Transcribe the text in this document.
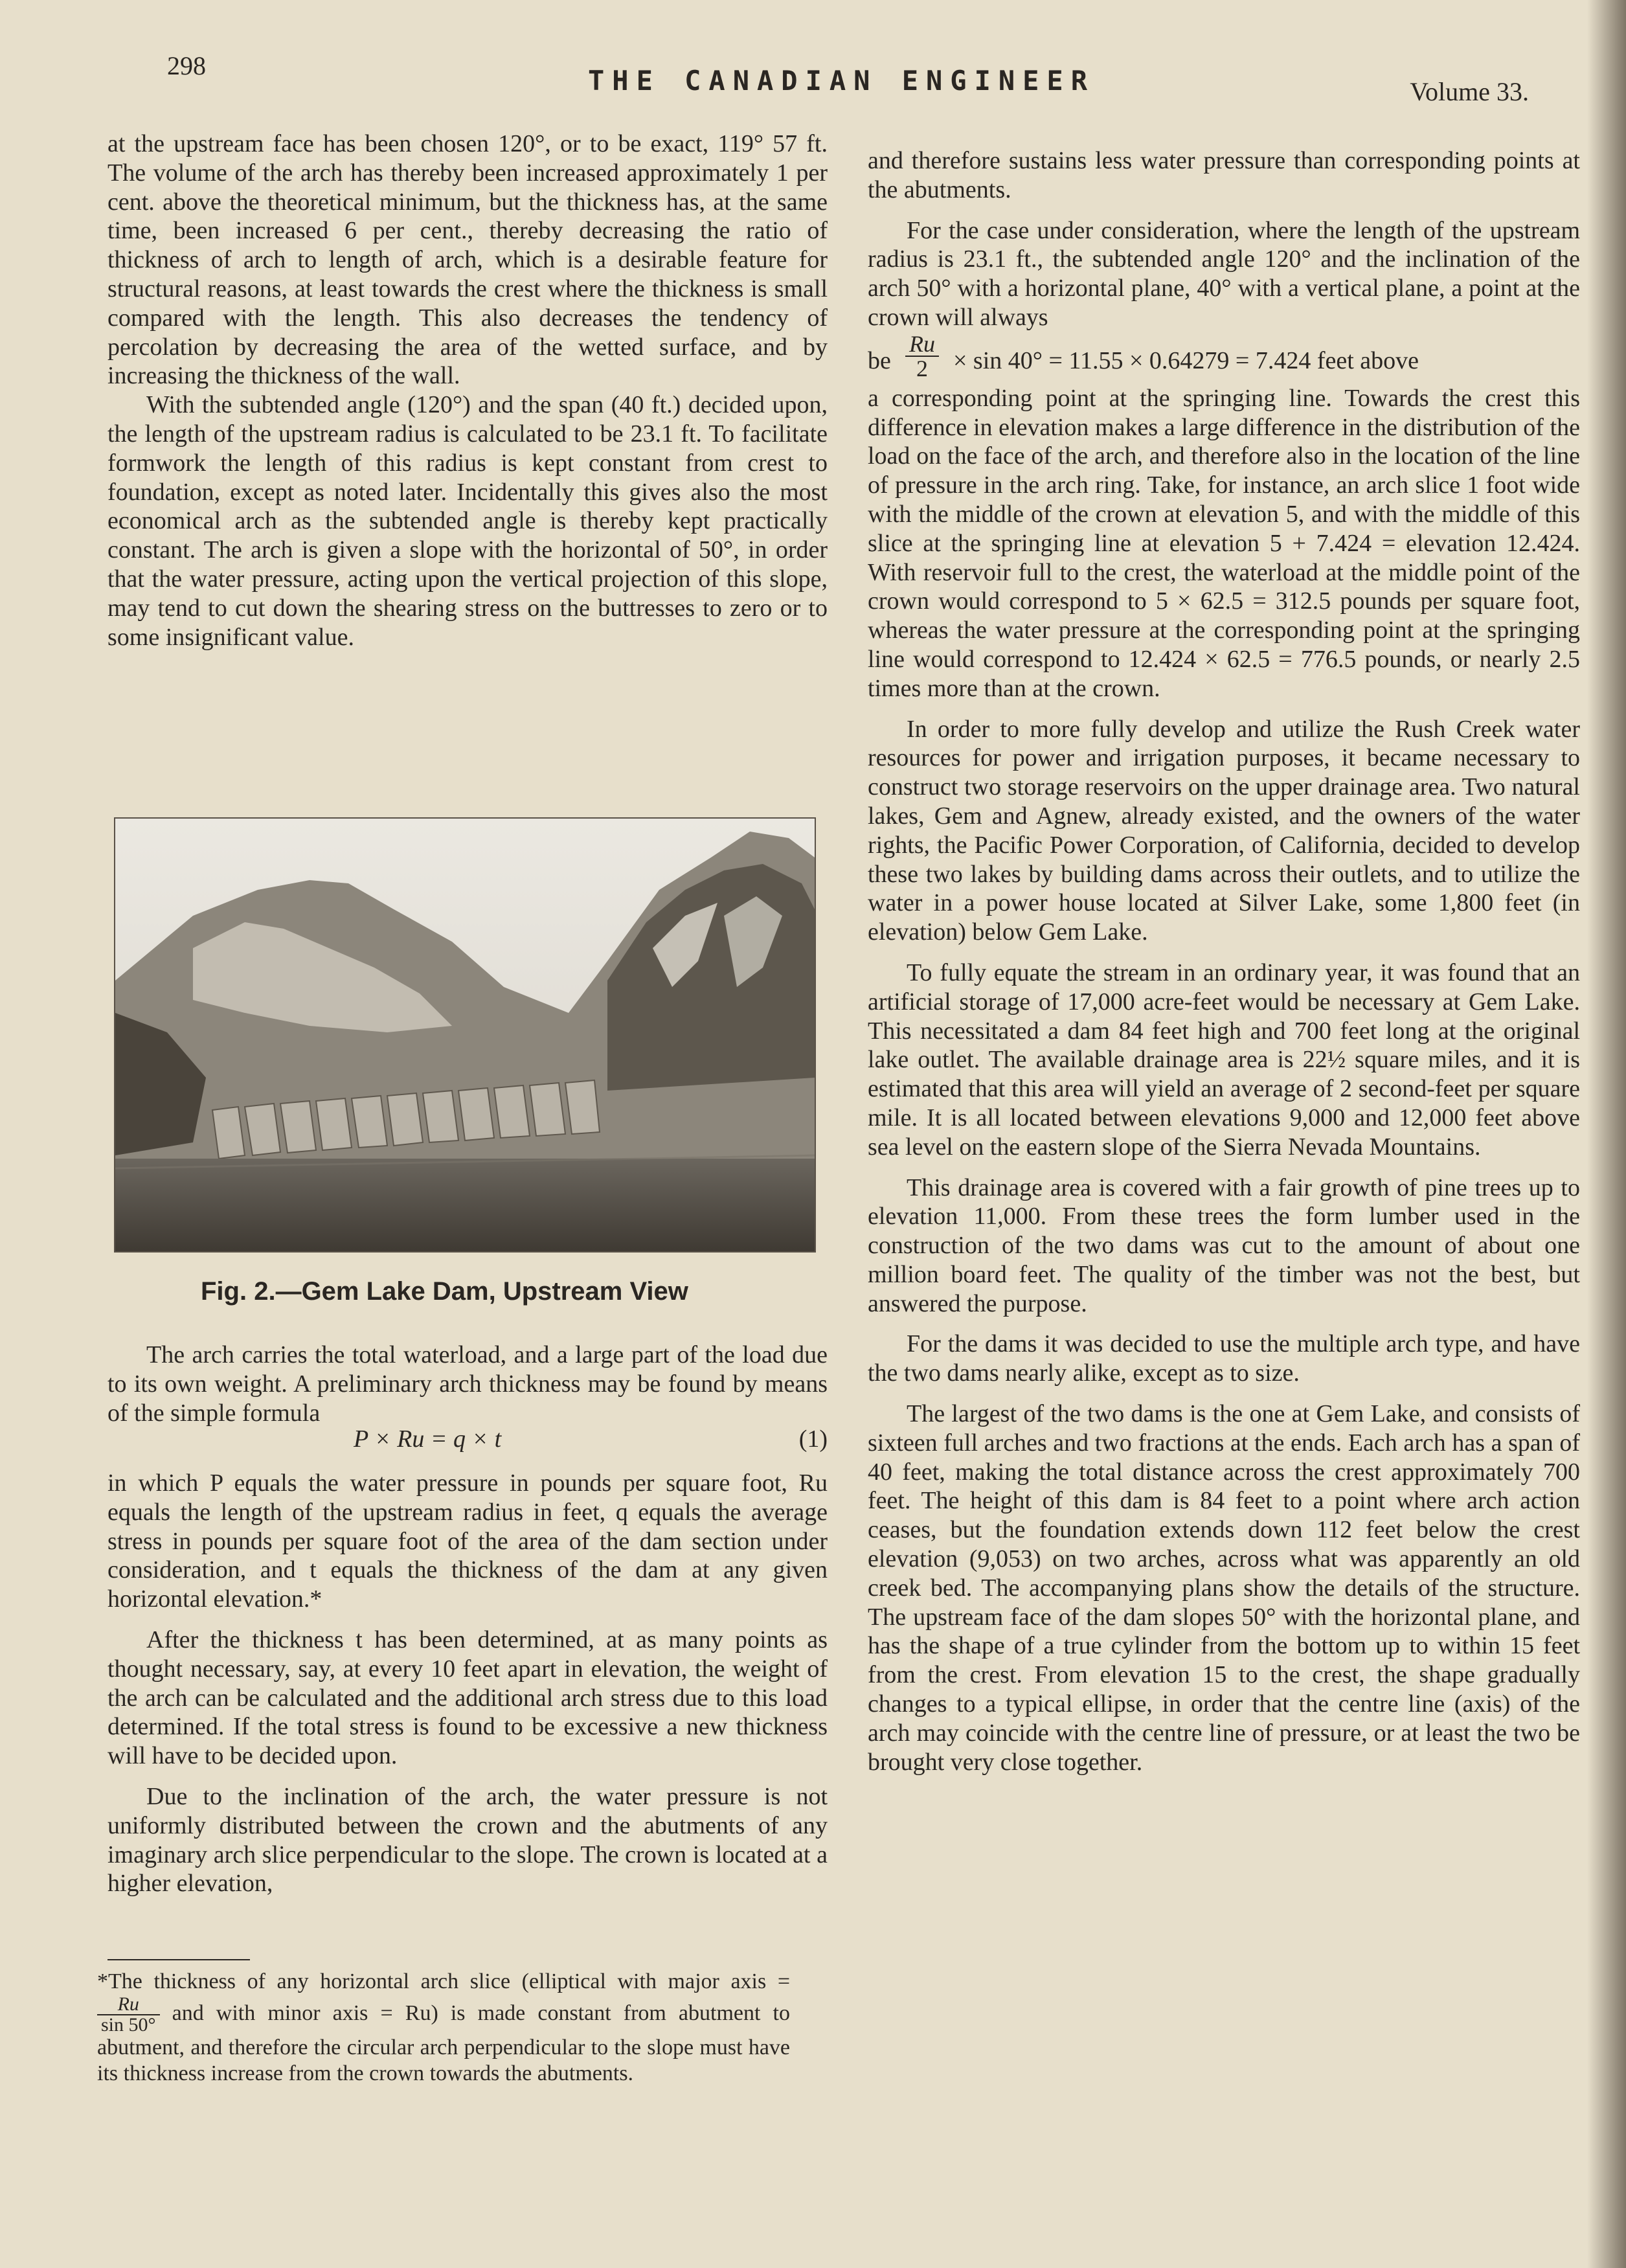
298	THE CANADIAN ENGINEER	Volume 33.

at the upstream face has been chosen 120°, or to be exact, 119° 57 ft. The volume of the arch has thereby been increased approximately 1 per cent. above the theoretical minimum, but the thickness has, at the same time, been increased 6 per cent., thereby decreasing the ratio of thickness of arch to length of arch, which is a desirable feature for structural reasons, at least towards the crest where the thickness is small compared with the length. This also decreases the tendency of percolation by decreasing the area of the wetted surface, and by increasing the thickness of the wall.

With the subtended angle (120°) and the span (40 ft.) decided upon, the length of the upstream radius is calculated to be 23.1 ft. To facilitate formwork the length of this radius is kept constant from crest to foundation, except as noted later. Incidentally this gives also the most economical arch as the subtended angle is thereby kept practically constant. The arch is given a slope with the horizontal of 50°, in order that the water pressure, acting upon the vertical projection of this slope, may tend to cut down the shearing stress on the buttresses to zero or to some insignificant value.

Fig. 2.—Gem Lake Dam, Upstream View

The arch carries the total waterload, and a large part of the load due to its own weight. A preliminary arch thickness may be found by means of the simple formula

P × Ru = q × t	(1)

in which P equals the water pressure in pounds per square foot, Ru equals the length of the upstream radius in feet, q equals the average stress in pounds per square foot of the area of the dam section under consideration, and t equals the thickness of the dam at any given horizontal elevation.*

After the thickness t has been determined, at as many points as thought necessary, say, at every 10 feet apart in elevation, the weight of the arch can be calculated and the additional arch stress due to this load determined. If the total stress is found to be excessive a new thickness will have to be decided upon.

Due to the inclination of the arch, the water pressure is not uniformly distributed between the crown and the abutments of any imaginary arch slice perpendicular to the slope. The crown is located at a higher elevation,

*The thickness of any horizontal arch slice (elliptical with major axis =
$\frac{Ru}{\sin 50^\circ}$ and with minor axis = Ru) is made constant from abutment to abutment, and therefore the circular arch perpendicular to the slope must have its thickness increase from the crown towards the abutments.

and therefore sustains less water pressure than corresponding points at the abutments.

For the case under consideration, where the length of the upstream radius is 23.1 ft., the subtended angle 120° and the inclination of the arch 50° with a horizontal plane, 40° with a vertical plane, a point at the crown will always

be $\frac{Ru}{2} \times \sin 40^\circ = 11.55 \times 0.64279 = 7.424$ feet above

a corresponding point at the springing line. Towards the crest this difference in elevation makes a large difference in the distribution of the load on the face of the arch, and therefore also in the location of the line of pressure in the arch ring. Take, for instance, an arch slice 1 foot wide with the middle of the crown at elevation 5, and with the middle of this slice at the springing line at elevation 5 + 7.424 = elevation 12.424. With reservoir full to the crest, the waterload at the middle point of the crown would correspond to 5 × 62.5 = 312.5 pounds per square foot, whereas the water pressure at the corresponding point at the springing line would correspond to 12.424 × 62.5 = 776.5 pounds, or nearly 2.5 times more than at the crown.

In order to more fully develop and utilize the Rush Creek water resources for power and irrigation purposes, it became necessary to construct two storage reservoirs on the upper drainage area. Two natural lakes, Gem and Agnew, already existed, and the owners of the water rights, the Pacific Power Corporation, of California, decided to develop these two lakes by building dams across their outlets, and to utilize the water in a power house located at Silver Lake, some 1,800 feet (in elevation) below Gem Lake.

To fully equate the stream in an ordinary year, it was found that an artificial storage of 17,000 acre-feet would be necessary at Gem Lake. This necessitated a dam 84 feet high and 700 feet long at the original lake outlet. The available drainage area is 22½ square miles, and it is estimated that this area will yield an average of 2 second-feet per square mile. It is all located between elevations 9,000 and 12,000 feet above sea level on the eastern slope of the Sierra Nevada Mountains.

This drainage area is covered with a fair growth of pine trees up to elevation 11,000. From these trees the form lumber used in the construction of the two dams was cut to the amount of about one million board feet. The quality of the timber was not the best, but answered the purpose.

For the dams it was decided to use the multiple arch type, and have the two dams nearly alike, except as to size.

The largest of the two dams is the one at Gem Lake, and consists of sixteen full arches and two fractions at the ends. Each arch has a span of 40 feet, making the total distance across the crest approximately 700 feet. The height of this dam is 84 feet to a point where arch action ceases, but the foundation extends down 112 feet below the crest elevation (9,053) on two arches, across what was apparently an old creek bed. The accompanying plans show the details of the structure. The upstream face of the dam slopes 50° with the horizontal plane, and has the shape of a true cylinder from the bottom up to within 15 feet from the crest. From elevation 15 to the crest, the shape gradually changes to a typical ellipse, in order that the centre line (axis) of the arch may coincide with the centre line of pressure, or at least the two be brought very close together.
